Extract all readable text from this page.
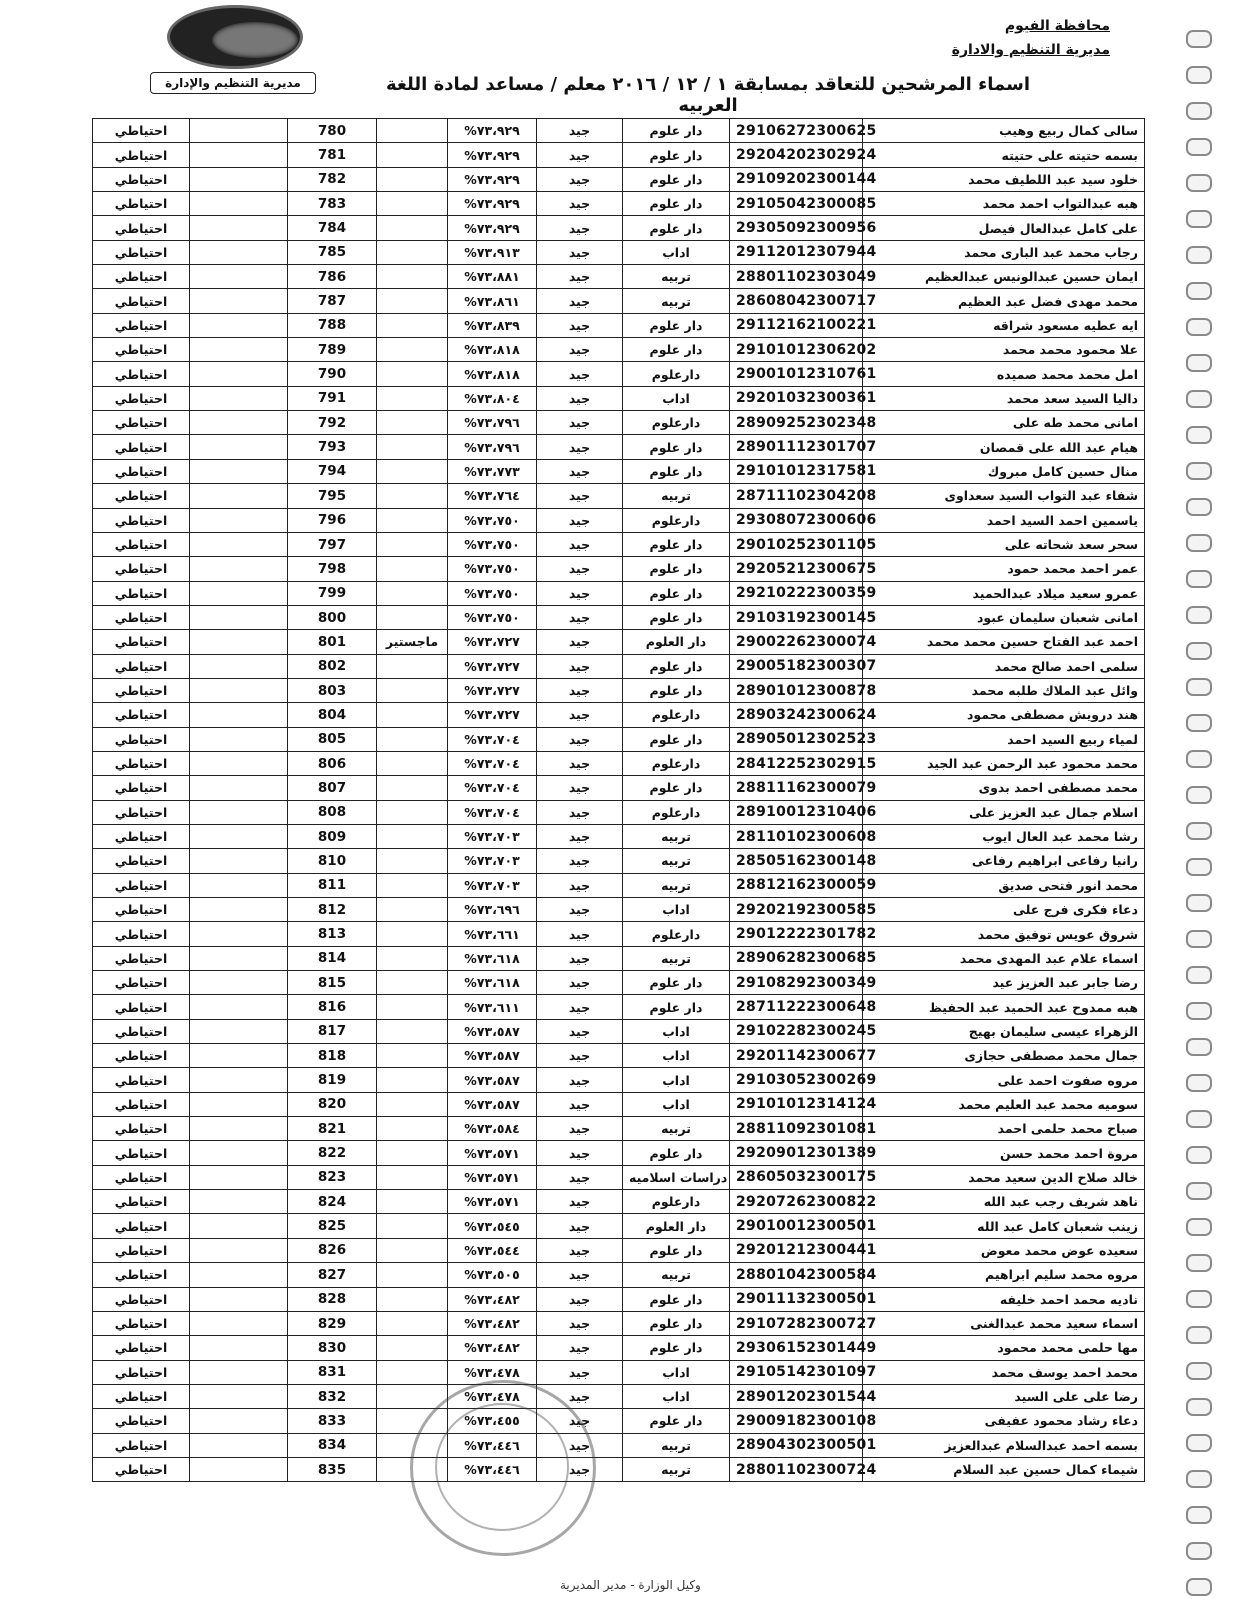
محافظة الفيوم
مديرية التنظيم والادارة
مديرية التنظيم والإدارة	اسماء المرشحين للتعاقد بمسابقة ١ / ١٢ / ٢٠١٦ معلم / مساعد لمادة اللغة العربيه
احتياطي		780		%٧٣،٩٢٩	جيد	دار علوم	29106272300625	سالى كمال ربيع وهيب
احتياطي		781		%٧٣،٩٢٩	جيد	دار علوم	29204202302924	بسمه حتيته على حتيته
احتياطي		782		%٧٣،٩٢٩	جيد	دار علوم	29109202300144	خلود سيد عبد اللطيف محمد
احتياطي		783		%٧٣،٩٢٩	جيد	دار علوم	29105042300085	هبه عبدالتواب احمد محمد
احتياطي		784		%٧٣،٩٢٩	جيد	دار علوم	29305092300956	على كامل عبدالعال فيصل
احتياطي		785		%٧٣،٩١٣	جيد	اداب	29112012307944	رجاب محمد عبد البارى محمد
احتياطي		786		%٧٣،٨٨١	جيد	تربيه	28801102303049	ايمان حسين عبدالونيس عبدالعظيم
احتياطي		787		%٧٣،٨٦١	جيد	تربيه	28608042300717	محمد مهدى فضل عبد العظيم
احتياطي		788		%٧٣،٨٣٩	جيد	دار علوم	29112162100221	ايه عطيه مسعود شراقه
احتياطي		789		%٧٣،٨١٨	جيد	دار علوم	29101012306202	علا محمود محمد محمد
احتياطي		790		%٧٣،٨١٨	جيد	دارعلوم	29001012310761	امل محمد محمد صميده
احتياطي		791		%٧٣،٨٠٤	جيد	اداب	29201032300361	داليا السيد سعد محمد
احتياطي		792		%٧٣،٧٩٦	جيد	دارعلوم	28909252302348	امانى محمد طه على
احتياطي		793		%٧٣،٧٩٦	جيد	دار علوم	28901112301707	هيام عبد الله على قمصان
احتياطي		794		%٧٣،٧٧٣	جيد	دار علوم	29101012317581	منال حسين كامل مبروك
احتياطي		795		%٧٣،٧٦٤	جيد	تربيه	28711102304208	شفاء عبد التواب السيد سعداوى
احتياطي		796		%٧٣،٧٥٠	جيد	دارعلوم	29308072300606	ياسمين احمد السيد احمد
احتياطي		797		%٧٣،٧٥٠	جيد	دار علوم	29010252301105	سحر سعد شحاته على
احتياطي		798		%٧٣،٧٥٠	جيد	دار علوم	29205212300675	عمر احمد محمد حمود
احتياطي		799		%٧٣،٧٥٠	جيد	دار علوم	29210222300359	عمرو سعيد ميلاد عبدالحميد
احتياطي		800		%٧٣،٧٥٠	جيد	دار علوم	29103192300145	امانى شعبان سليمان عبود
احتياطي		801	ماجستير	%٧٣،٧٢٧	جيد	دار العلوم	29002262300074	احمد عبد الفتاح حسين محمد محمد
احتياطي		802		%٧٣،٧٢٧	جيد	دار علوم	29005182300307	سلمى احمد صالح محمد
احتياطي		803		%٧٣،٧٢٧	جيد	دار علوم	28901012300878	وائل عبد الملاك طلبه محمد
احتياطي		804		%٧٣،٧٢٧	جيد	دارعلوم	28903242300624	هند درويش مصطفى محمود
احتياطي		805		%٧٣،٧٠٤	جيد	دار علوم	28905012302523	لمياء ربيع السيد احمد
احتياطي		806		%٧٣،٧٠٤	جيد	دارعلوم	28412252302915	محمد محمود عبد الرحمن عبد الجيد
احتياطي		807		%٧٣،٧٠٤	جيد	دار علوم	28811162300079	محمد مصطفى احمد بدوى
احتياطي		808		%٧٣،٧٠٤	جيد	دارعلوم	28910012310406	اسلام جمال عبد العزيز على
احتياطي		809		%٧٣،٧٠٣	جيد	تربيه	28110102300608	رشا محمد عبد العال ايوب
احتياطي		810		%٧٣،٧٠٣	جيد	تربيه	28505162300148	رانيا رفاعى ابراهيم رفاعى
احتياطي		811		%٧٣،٧٠٣	جيد	تربيه	28812162300059	محمد انور فتحى صديق
احتياطي		812		%٧٣،٦٩٦	جيد	اداب	29202192300585	دعاء فكرى فرج على
احتياطي		813		%٧٣،٦٦١	جيد	دارعلوم	29012222301782	شروق عويس توفيق محمد
احتياطي		814		%٧٣،٦١٨	جيد	تربيه	28906282300685	اسماء علام عبد المهدى محمد
احتياطي		815		%٧٣،٦١٨	جيد	دار علوم	29108292300349	رضا جابر عبد العزيز عيد
احتياطي		816		%٧٣،٦١١	جيد	دار علوم	28711222300648	هبه ممدوح عبد الحميد عبد الحفيظ
احتياطي		817		%٧٣،٥٨٧	جيد	اداب	29102282300245	الزهراء عيسى سليمان بهيج
احتياطي		818		%٧٣،٥٨٧	جيد	اداب	29201142300677	جمال محمد مصطفى حجازى
احتياطي		819		%٧٣،٥٨٧	جيد	اداب	29103052300269	مروه صفوت احمد على
احتياطي		820		%٧٣،٥٨٧	جيد	اداب	29101012314124	سوميه محمد عبد العليم محمد
احتياطي		821		%٧٣،٥٨٤	جيد	تربيه	28811092301081	صباح محمد حلمى احمد
احتياطي		822		%٧٣،٥٧١	جيد	دار علوم	29209012301389	مروة احمد محمد حسن
احتياطي		823		%٧٣،٥٧١	جيد	دراسات اسلاميه	28605032300175	خالد صلاح الدين سعيد محمد
احتياطي		824		%٧٣،٥٧١	جيد	دارعلوم	29207262300822	ناهد شريف رجب عبد الله
احتياطي		825		%٧٣،٥٤٥	جيد	دار العلوم	29010012300501	زينب شعبان كامل عبد الله
احتياطي		826		%٧٣،٥٤٤	جيد	دار علوم	29201212300441	سعيده عوض محمد معوض
احتياطي		827		%٧٣،٥٠٥	جيد	تربيه	28801042300584	مروه محمد سليم ابراهيم
احتياطي		828		%٧٣،٤٨٢	جيد	دار علوم	29011132300501	ناديه محمد احمد خليفه
احتياطي		829		%٧٣،٤٨٢	جيد	دار علوم	29107282300727	اسماء سعيد محمد عبدالغنى
احتياطي		830		%٧٣،٤٨٢	جيد	دار علوم	29306152301449	مها حلمى محمد محمود
احتياطي		831		%٧٣،٤٧٨	جيد	اداب	29105142301097	محمد احمد يوسف محمد
احتياطي		832		%٧٣،٤٧٨	جيد	اداب	28901202301544	رضا على على السيد
احتياطي		833		%٧٣،٤٥٥	جيد	دار علوم	29009182300108	دعاء رشاد محمود عفيفى
احتياطي		834		%٧٣،٤٤٦	جيد	تربيه	28904302300501	بسمه احمد عبدالسلام عبدالعزيز
احتياطي		835		%٧٣،٤٤٦	جيد	تربيه	28801102300724	شيماء كمال حسين عبد السلام
وكيل الوزارة - مدير المديرية
